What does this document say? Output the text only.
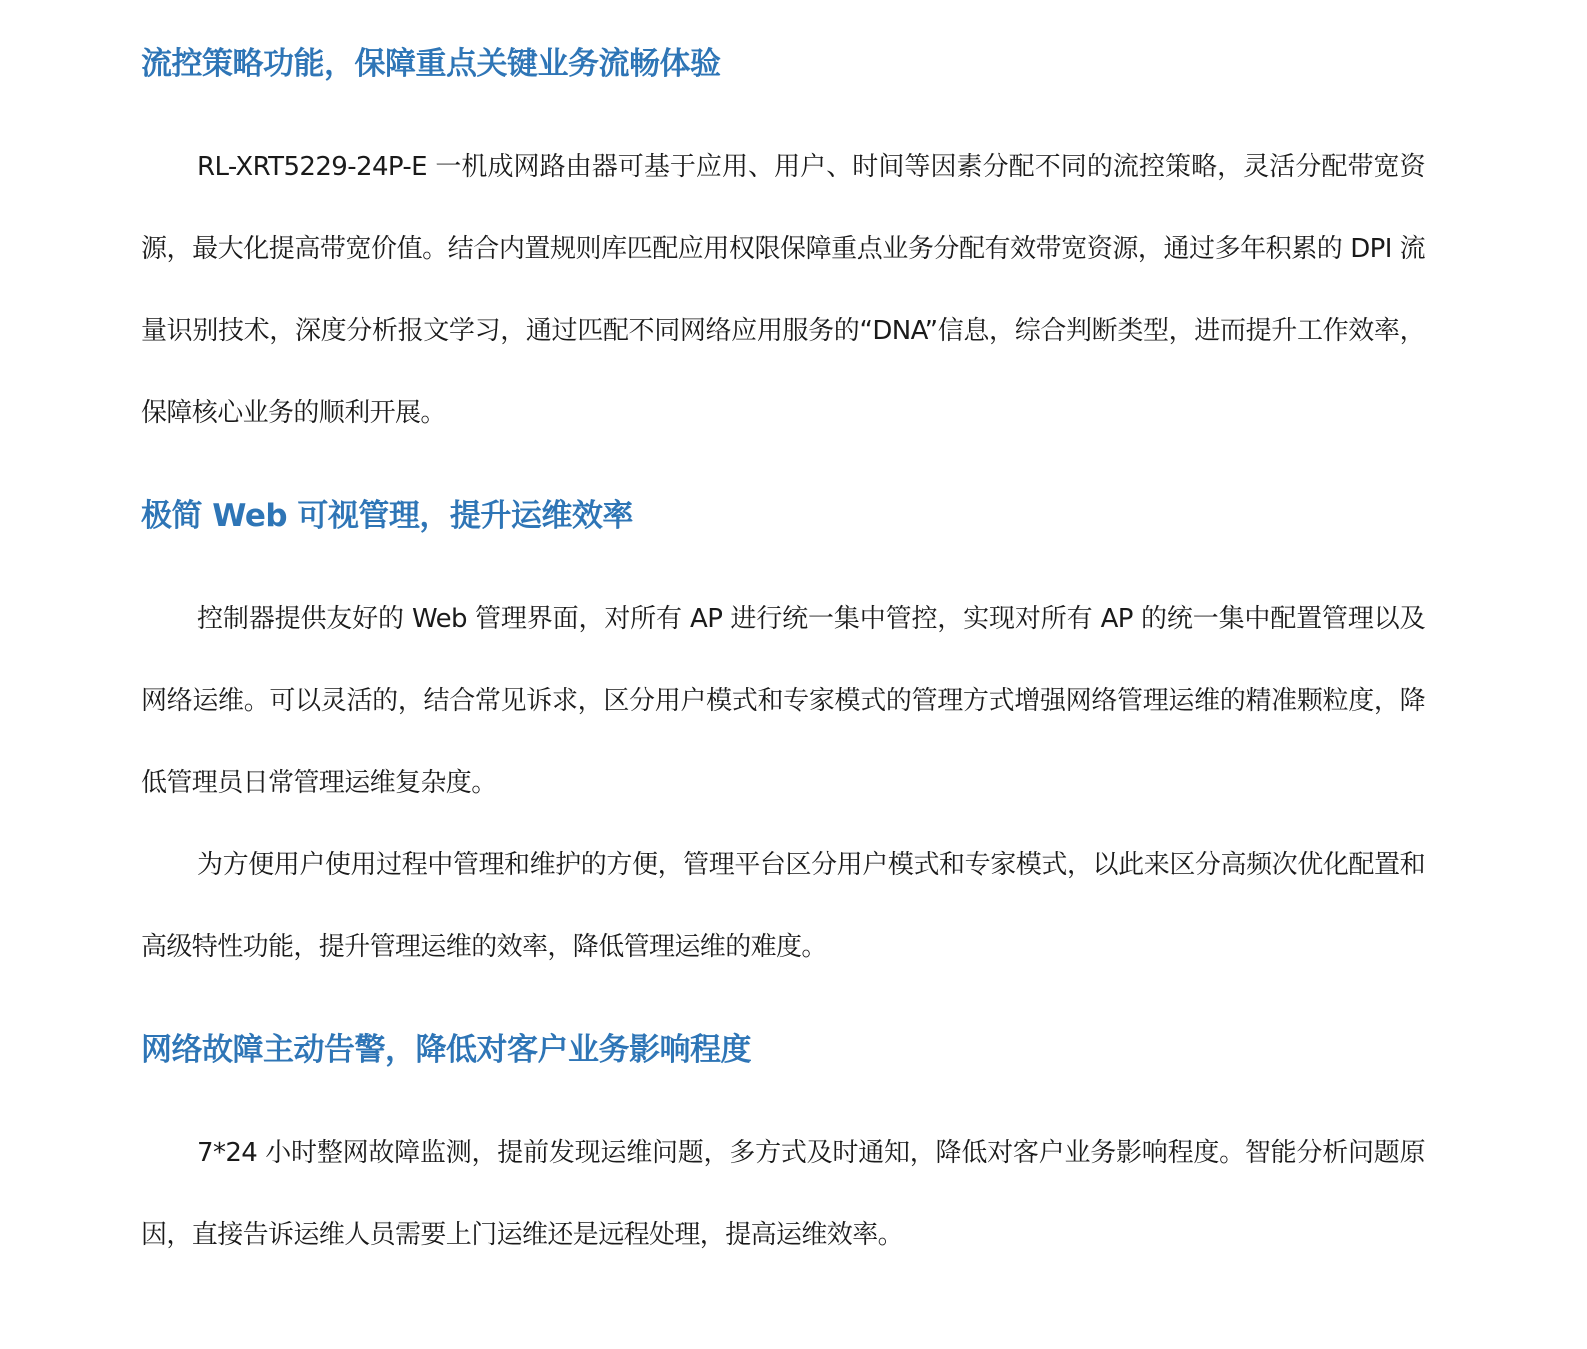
流控策略功能，保障重点关键业务流畅体验

RL-XRT5229-24P-E 一机成网路由器可基于应用、用户、时间等因素分配不同的流控策略，灵活分配带宽资源，最大化提高带宽价值。结合内置规则库匹配应用权限保障重点业务分配有效带宽资源，通过多年积累的 DPI 流量识别技术，深度分析报文学习，通过匹配不同网络应用服务的“DNA”信息，综合判断类型，进而提升工作效率，保障核心业务的顺利开展。

极简 Web 可视管理，提升运维效率

控制器提供友好的 Web 管理界面，对所有 AP 进行统一集中管控，实现对所有 AP 的统一集中配置管理以及网络运维。可以灵活的，结合常见诉求，区分用户模式和专家模式的管理方式增强网络管理运维的精准颗粒度，降低管理员日常管理运维复杂度。

为方便用户使用过程中管理和维护的方便，管理平台区分用户模式和专家模式，以此来区分高频次优化配置和高级特性功能，提升管理运维的效率，降低管理运维的难度。

网络故障主动告警，降低对客户业务影响程度

7*24 小时整网故障监测，提前发现运维问题，多方式及时通知，降低对客户业务影响程度。智能分析问题原因，直接告诉运维人员需要上门运维还是远程处理，提高运维效率。
